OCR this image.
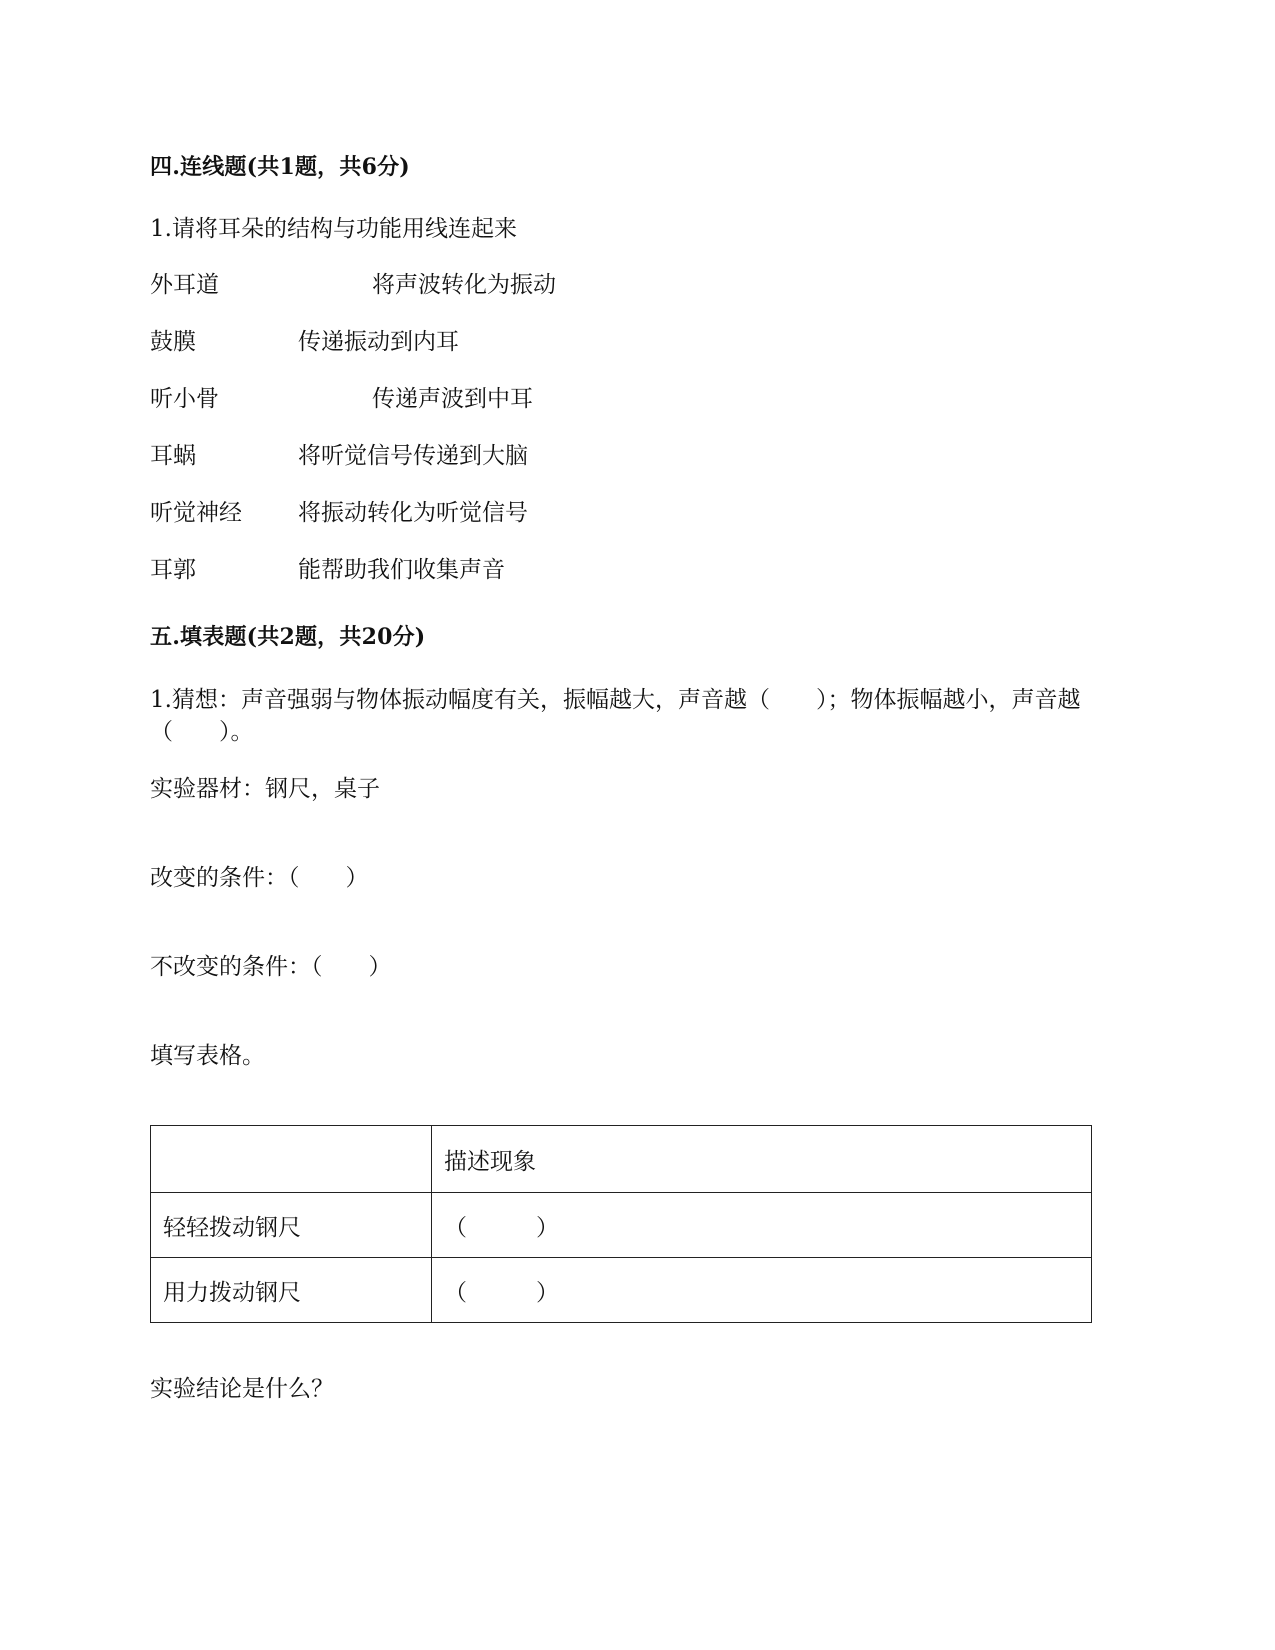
四.连线题(共1题，共6分)
1.请将耳朵的结构与功能用线连起来
外耳道	将声波转化为振动
鼓膜	传递振动到内耳
听小骨	传递声波到中耳
耳蜗	将听觉信号传递到大脑
听觉神经 将振动转化为听觉信号
耳郭	能帮助我们收集声音
五.填表题(共2题，共20分)
1.猜想：声音强弱与物体振动幅度有关，振幅越大，声音越（　　）；物体振幅越小，声音越（　　）。
实验器材：钢尺，桌子
改变的条件：（　　）
不改变的条件：（　　）
填写表格。
	描述现象
轻轻拨动钢尺	（　　　）
用力拨动钢尺	（　　　）
实验结论是什么？
